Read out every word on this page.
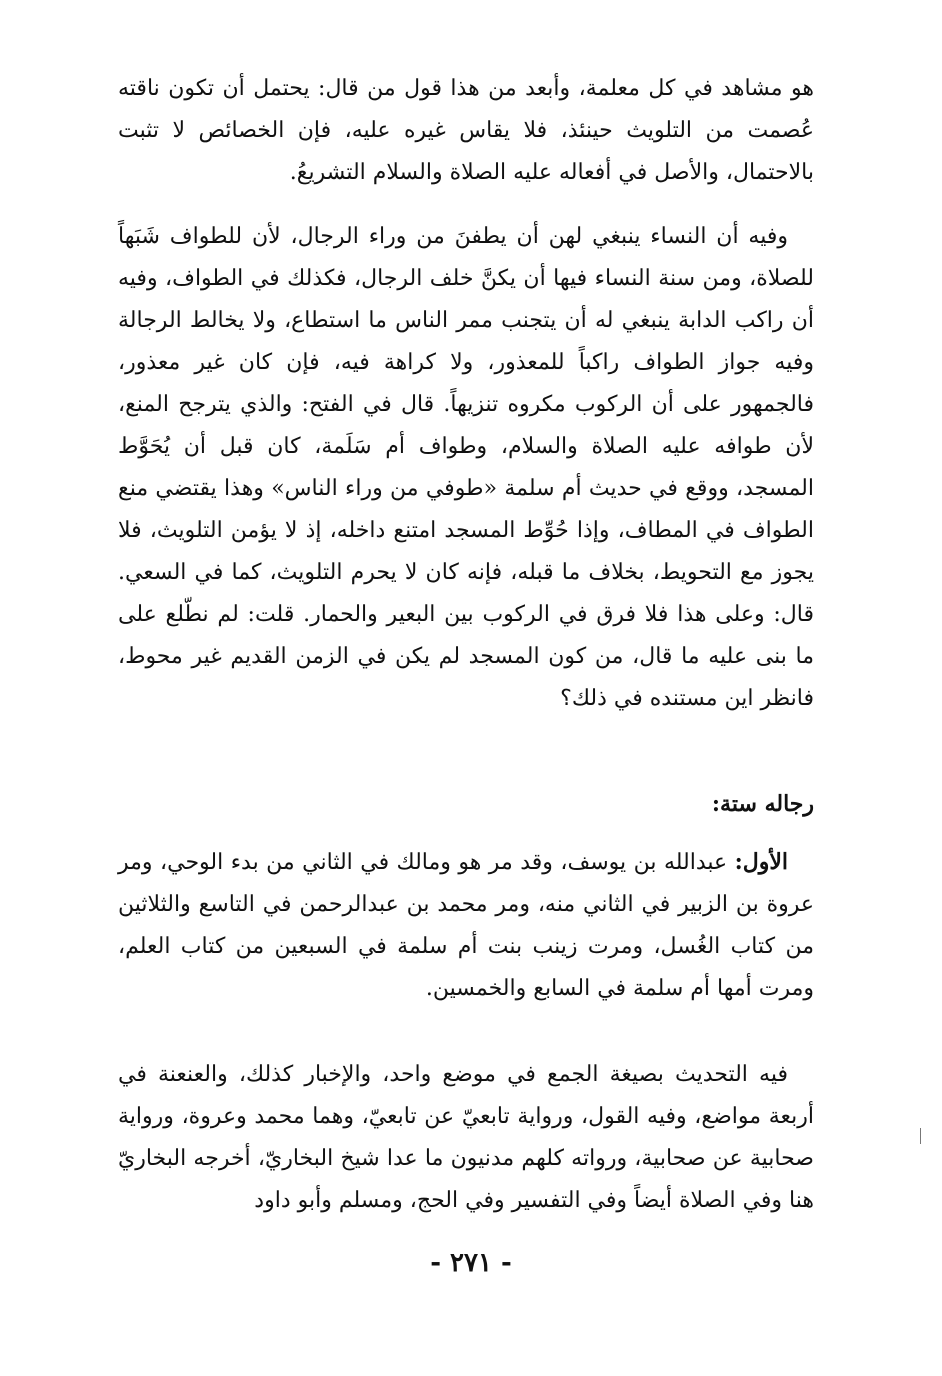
هو مشاهد في كل معلمة، وأبعد من هذا قول من قال: يحتمل أن تكون ناقته عُصمت من التلويث حينئذ، فلا يقاس غيره عليه، فإن الخصائص لا تثبت بالاحتمال، والأصل في أفعاله عليه الصلاة والسلام التشريعُ.
وفيه أن النساء ينبغي لهن أن يطفنَ من وراء الرجال، لأن للطواف شَبَهاً للصلاة، ومن سنة النساء فيها أن يكنَّ خلف الرجال، فكذلك في الطواف، وفيه أن راكب الدابة ينبغي له أن يتجنب ممر الناس ما استطاع، ولا يخالط الرجالة وفيه جواز الطواف راكباً للمعذور، ولا كراهة فيه، فإن كان غير معذور، فالجمهور على أن الركوب مكروه تنزيهاً. قال في الفتح: والذي يترجح المنع، لأن طوافه عليه الصلاة والسلام، وطواف أم سَلَمة، كان قبل أن يُحَوَّط المسجد، ووقع في حديث أم سلمة «طوفي من وراء الناس» وهذا يقتضي منع الطواف في المطاف، وإذا حُوِّط المسجد امتنع داخله، إذ لا يؤمن التلويث، فلا يجوز مع التحويط، بخلاف ما قبله، فإنه كان لا يحرم التلويث، كما في السعي. قال: وعلى هذا فلا فرق في الركوب بين البعير والحمار. قلت: لم نطّلع على ما بنى عليه ما قال، من كون المسجد لم يكن في الزمن القديم غير محوط، فانظر اين مستنده في ذلك؟
رجاله ستة:
الأول: عبدالله بن يوسف، وقد مر هو ومالك في الثاني من بدء الوحي، ومر عروة بن الزبير في الثاني منه، ومر محمد بن عبدالرحمن في التاسع والثلاثين من كتاب الغُسل، ومرت زينب بنت أم سلمة في السبعين من كتاب العلم، ومرت أمها أم سلمة في السابع والخمسين.
فيه التحديث بصيغة الجمع في موضع واحد، والإخبار كذلك، والعنعنة في أربعة مواضع، وفيه القول، ورواية تابعيّ عن تابعيّ، وهما محمد وعروة، ورواية صحابية عن صحابية، ورواته كلهم مدنيون ما عدا شيخ البخاريّ، أخرجه البخاريّ هنا وفي الصلاة أيضاً وفي التفسير وفي الحج، ومسلم وأبو داود
- ٢٧١ -
